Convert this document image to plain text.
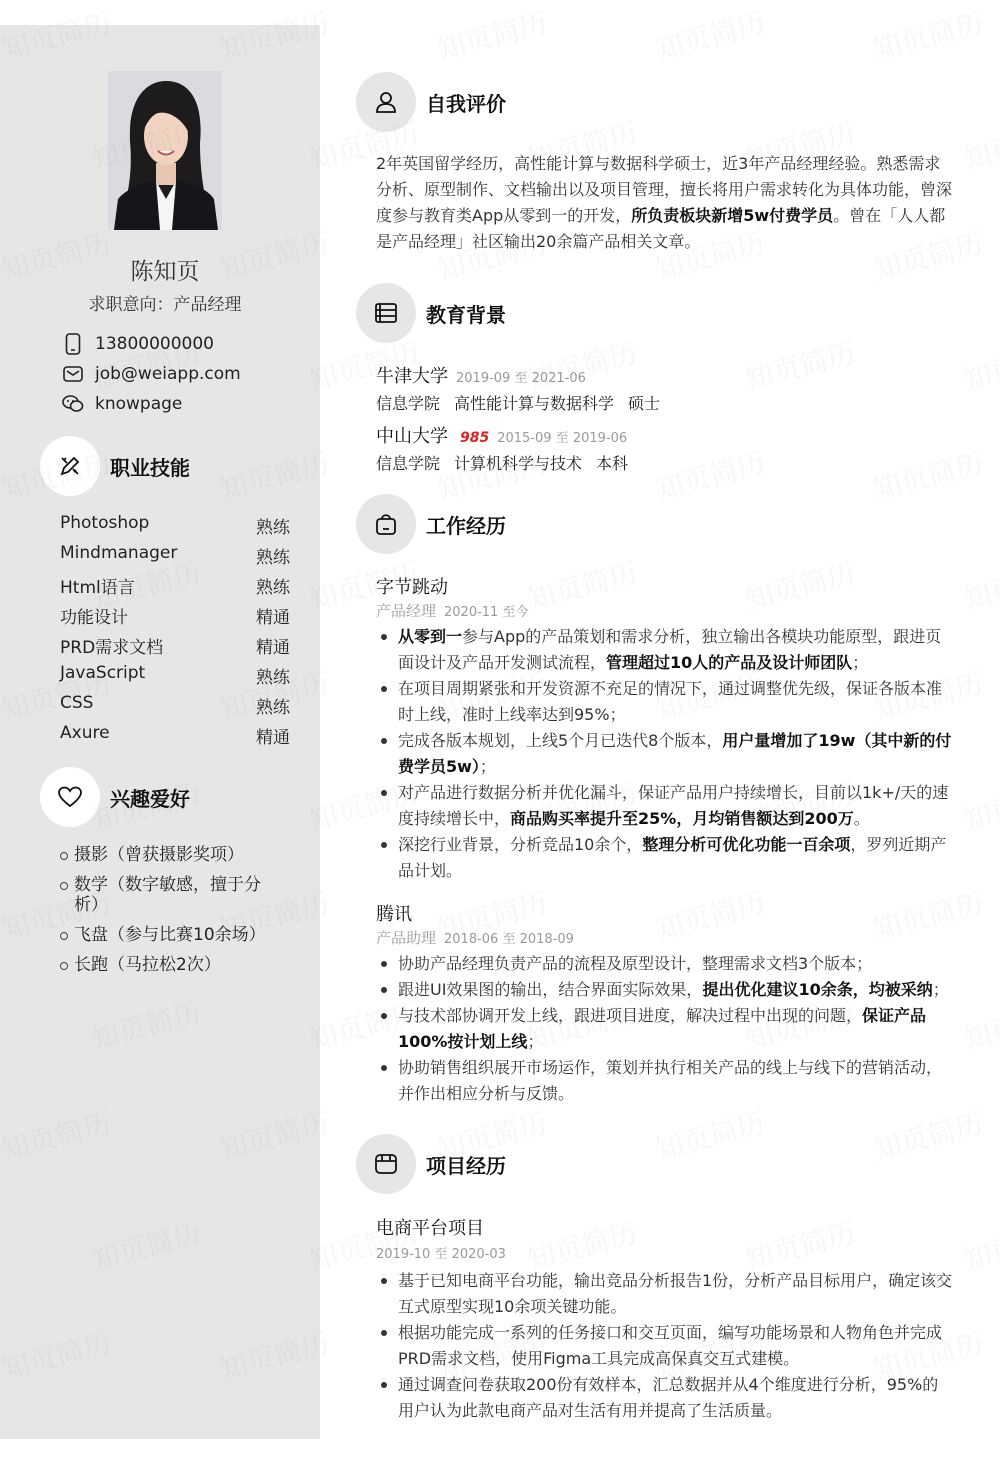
陈知页
求职意向：产品经理
13800000000
job@weiapp.com
knowpage
职业技能
Photoshop	熟练
Mindmanager	熟练
Html语言	熟练
功能设计	精通
PRD需求文档	精通
JavaScript	熟练
CSS	熟练
Axure	精通
兴趣爱好
摄影（曾获摄影奖项）
数学（数字敏感，擅于分析）
飞盘（参与比赛10余场）
长跑（马拉松2次）
自我评价

2年英国留学经历，高性能计算与数据科学硕士，近3年产品经理经验。熟悉需求分析、原型制作、文档输出以及项目管理，擅长将用户需求转化为具体功能，曾深度参与教育类App从零到一的开发，所负责板块新增5w付费学员。曾在「人人都是产品经理」社区输出20余篇产品相关文章。

教育背景
牛津大学 2019-09 至 2021-06
信息学院 高性能计算与数据科学 硕士
中山大学 985 2015-09 至 2019-06
信息学院 计算机科学与技术 本科
工作经历
字节跳动
产品经理 2020-11 至今
从零到一参与App的产品策划和需求分析，独立输出各模块功能原型，跟进页面设计及产品开发测试流程，管理超过10人的产品及设计师团队；
在项目周期紧张和开发资源不充足的情况下，通过调整优先级，保证各版本准时上线，准时上线率达到95%；
完成各版本规划，上线5个月已迭代8个版本，用户量增加了19w（其中新的付费学员5w）；
对产品进行数据分析并优化漏斗，保证产品用户持续增长，目前以1k+/天的速度持续增长中，商品购买率提升至25%，月均销售额达到200万。
深挖行业背景，分析竞品10余个，整理分析可优化功能一百余项，罗列近期产品计划。
腾讯
产品助理 2018-06 至 2018-09
协助产品经理负责产品的流程及原型设计，整理需求文档3个版本；
跟进UI效果图的输出，结合界面实际效果，提出优化建议10余条，均被采纳；
与技术部协调开发上线，跟进项目进度，解决过程中出现的问题，保证产品100%按计划上线；
协助销售组织展开市场运作，策划并执行相关产品的线上与线下的营销活动，并作出相应分析与反馈。
项目经历
电商平台项目
2019-10 至 2020-03
基于已知电商平台功能，输出竞品分析报告1份，分析产品目标用户，确定该交互式原型实现10余项关键功能。
根据功能完成一系列的任务接口和交互页面，编写功能场景和人物角色并完成PRD需求文档，使用Figma工具完成高保真交互式建模。
通过调查问卷获取200份有效样本，汇总数据并从4个维度进行分析，95%的用户认为此款电商产品对生活有用并提高了生活质量。
